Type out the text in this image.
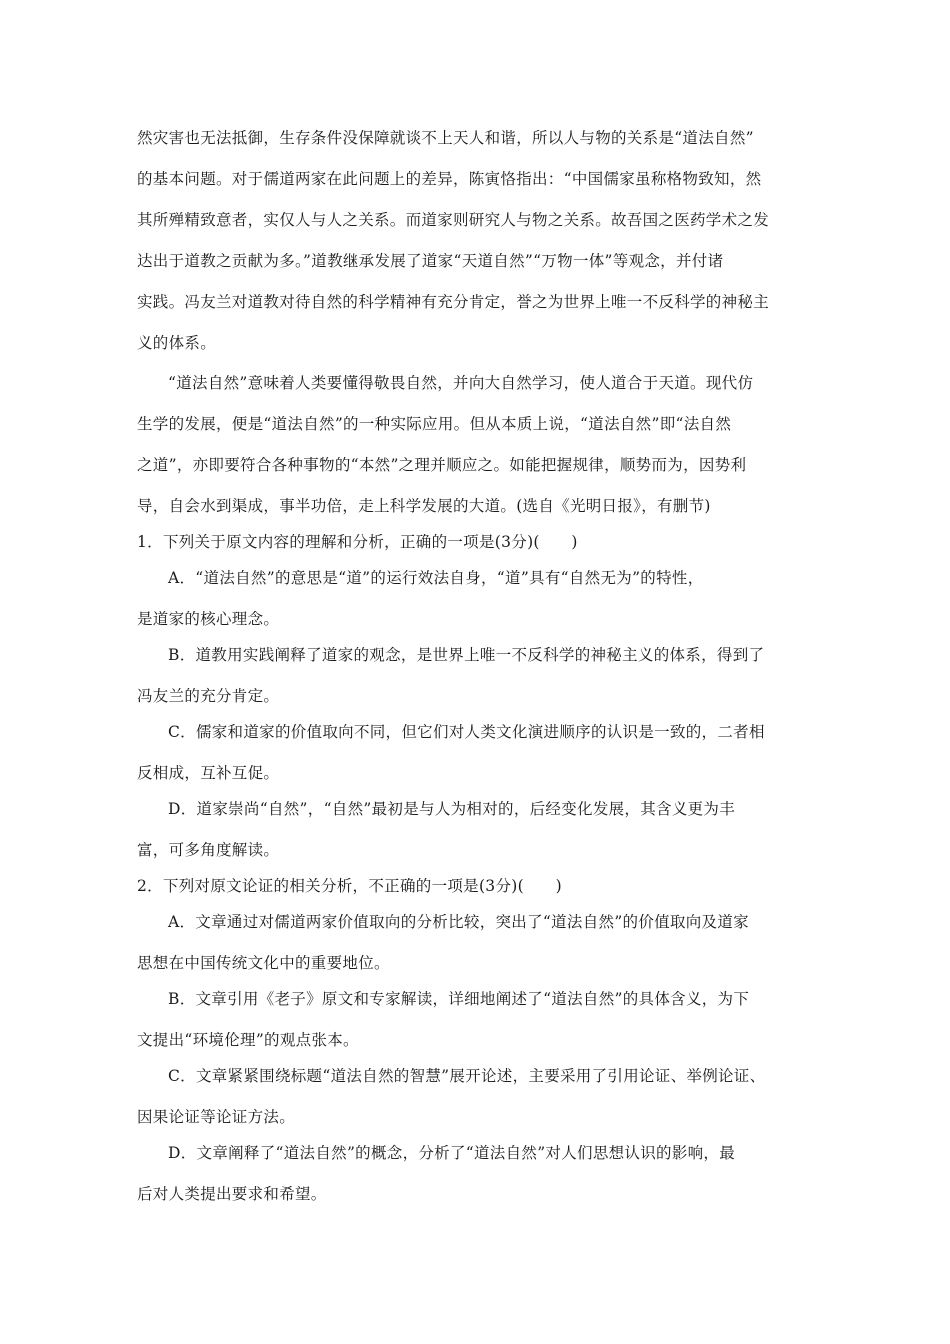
然灾害也无法抵御，生存条件没保障就谈不上天人和谐，所以人与物的关系是“道法自然”
的基本问题。对于儒道两家在此问题上的差异，陈寅恪指出：“中国儒家虽称格物致知，然
其所殚精致意者，实仅人与人之关系。而道家则研究人与物之关系。故吾国之医药学术之发
达出于道教之贡献为多。”道教继承发展了道家“天道自然”“万物一体”等观念，并付诸
实践。冯友兰对道教对待自然的科学精神有充分肯定，誉之为世界上唯一不反科学的神秘主
义的体系。
“道法自然”意味着人类要懂得敬畏自然，并向大自然学习，使人道合于天道。现代仿
生学的发展，便是“道法自然”的一种实际应用。但从本质上说，“道法自然”即“法自然
之道”，亦即要符合各种事物的“本然”之理并顺应之。如能把握规律，顺势而为，因势利
导，自会水到渠成，事半功倍，走上科学发展的大道。(选自《光明日报》，有删节)
1．下列关于原文内容的理解和分析，正确的一项是(3分)(　　)
A．“道法自然”的意思是“道”的运行效法自身，“道”具有“自然无为”的特性，
是道家的核心理念。
B．道教用实践阐释了道家的观念，是世界上唯一不反科学的神秘主义的体系，得到了
冯友兰的充分肯定。
C．儒家和道家的价值取向不同，但它们对人类文化演进顺序的认识是一致的，二者相
反相成，互补互促。
D．道家崇尚“自然”，“自然”最初是与人为相对的，后经变化发展，其含义更为丰
富，可多角度解读。
2．下列对原文论证的相关分析，不正确的一项是(3分)(　　)
A．文章通过对儒道两家价值取向的分析比较，突出了“道法自然”的价值取向及道家
思想在中国传统文化中的重要地位。
B．文章引用《老子》原文和专家解读，详细地阐述了“道法自然”的具体含义，为下
文提出“环境伦理”的观点张本。
C．文章紧紧围绕标题“道法自然的智慧”展开论述，主要采用了引用论证、举例论证、
因果论证等论证方法。
D．文章阐释了“道法自然”的概念，分析了“道法自然”对人们思想认识的影响，最
后对人类提出要求和希望。
